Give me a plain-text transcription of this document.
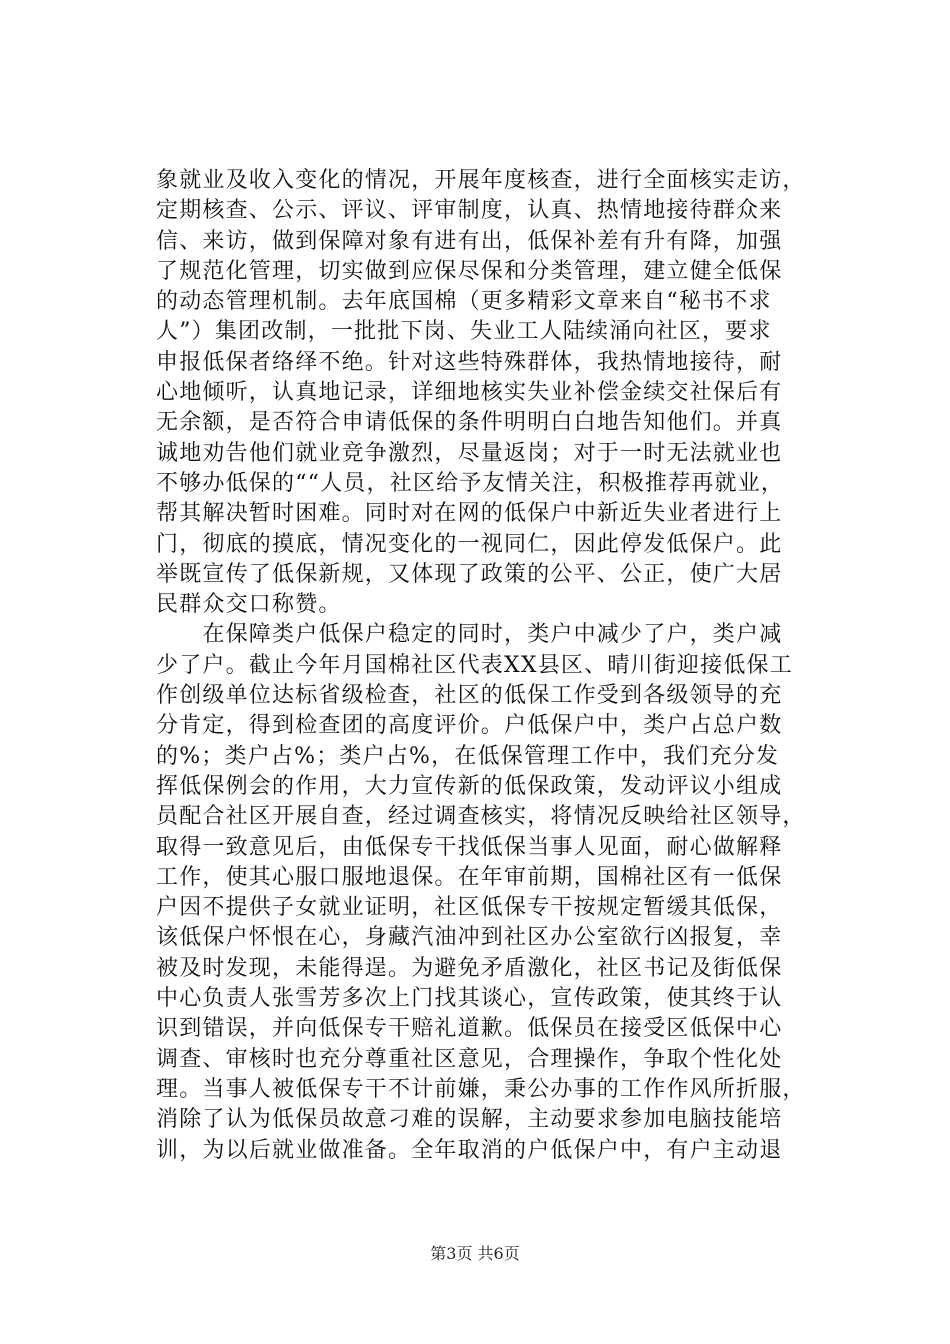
象就业及收入变化的情况，开展年度核查，进行全面核实走访，
定期核查、公示、评议、评审制度，认真、热情地接待群众来
信、来访，做到保障对象有进有出，低保补差有升有降，加强
了规范化管理，切实做到应保尽保和分类管理，建立健全低保
的动态管理机制。去年底国棉（更多精彩文章来自“秘书不求
人”）集团改制，一批批下岗、失业工人陆续涌向社区，要求
申报低保者络绎不绝。针对这些特殊群体，我热情地接待，耐
心地倾听，认真地记录，详细地核实失业补偿金续交社保后有
无余额，是否符合申请低保的条件明明白白地告知他们。并真
诚地劝告他们就业竞争激烈，尽量返岗；对于一时无法就业也
不够办低保的““人员，社区给予友情关注，积极推荐再就业，
帮其解决暂时困难。同时对在网的低保户中新近失业者进行上
门，彻底的摸底，情况变化的一视同仁，因此停发低保户。此
举既宣传了低保新规，又体现了政策的公平、公正，使广大居
民群众交口称赞。
　　在保障类户低保户稳定的同时，类户中减少了户，类户减
少了户。截止今年月国棉社区代表XX县区、晴川街迎接低保工
作创级单位达标省级检查，社区的低保工作受到各级领导的充
分肯定，得到检查团的高度评价。户低保户中，类户占总户数
的%；类户占%；类户占%，在低保管理工作中，我们充分发
挥低保例会的作用，大力宣传新的低保政策，发动评议小组成
员配合社区开展自查，经过调查核实，将情况反映给社区领导，
取得一致意见后，由低保专干找低保当事人见面，耐心做解释
工作，使其心服口服地退保。在年审前期，国棉社区有一低保
户因不提供子女就业证明，社区低保专干按规定暂缓其低保，
该低保户怀恨在心，身藏汽油冲到社区办公室欲行凶报复，幸
被及时发现，未能得逞。为避免矛盾激化，社区书记及街低保
中心负责人张雪芳多次上门找其谈心，宣传政策，使其终于认
识到错误，并向低保专干赔礼道歉。低保员在接受区低保中心
调查、审核时也充分尊重社区意见，合理操作，争取个性化处
理。当事人被低保专干不计前嫌，秉公办事的工作作风所折服，
消除了认为低保员故意刁难的误解，主动要求参加电脑技能培
训，为以后就业做准备。全年取消的户低保户中，有户主动退
第3页 共6页
